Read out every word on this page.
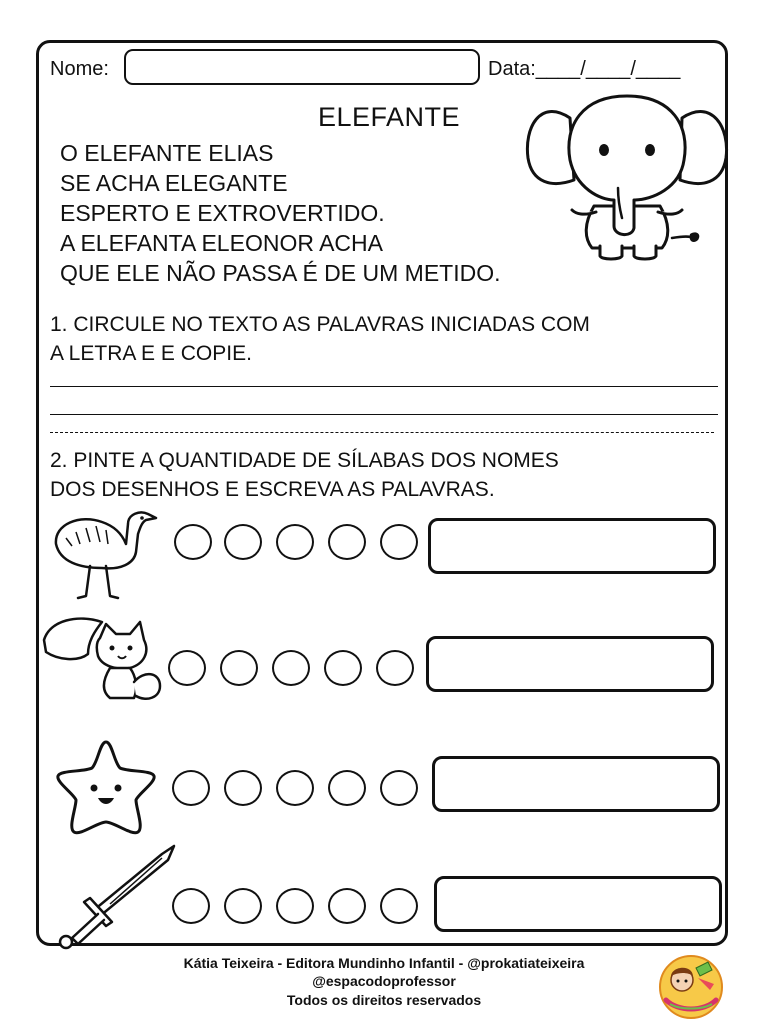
Nome:	Data:____/____/____
ELEFANTE
O ELEFANTE ELIAS
SE ACHA ELEGANTE
ESPERTO E EXTROVERTIDO.
A ELEFANTA ELEONOR ACHA
QUE ELE NÃO PASSA É DE UM METIDO.
1. CIRCULE NO TEXTO AS PALAVRAS INICIADAS COM
A LETRA E E COPIE.
2. PINTE A QUANTIDADE DE SÍLABAS DOS NOMES
DOS DESENHOS E ESCREVA AS PALAVRAS.
Kátia Teixeira - Editora Mundinho Infantil - @prokatiateixeira
@espacodoprofessor
Todos os direitos reservados
